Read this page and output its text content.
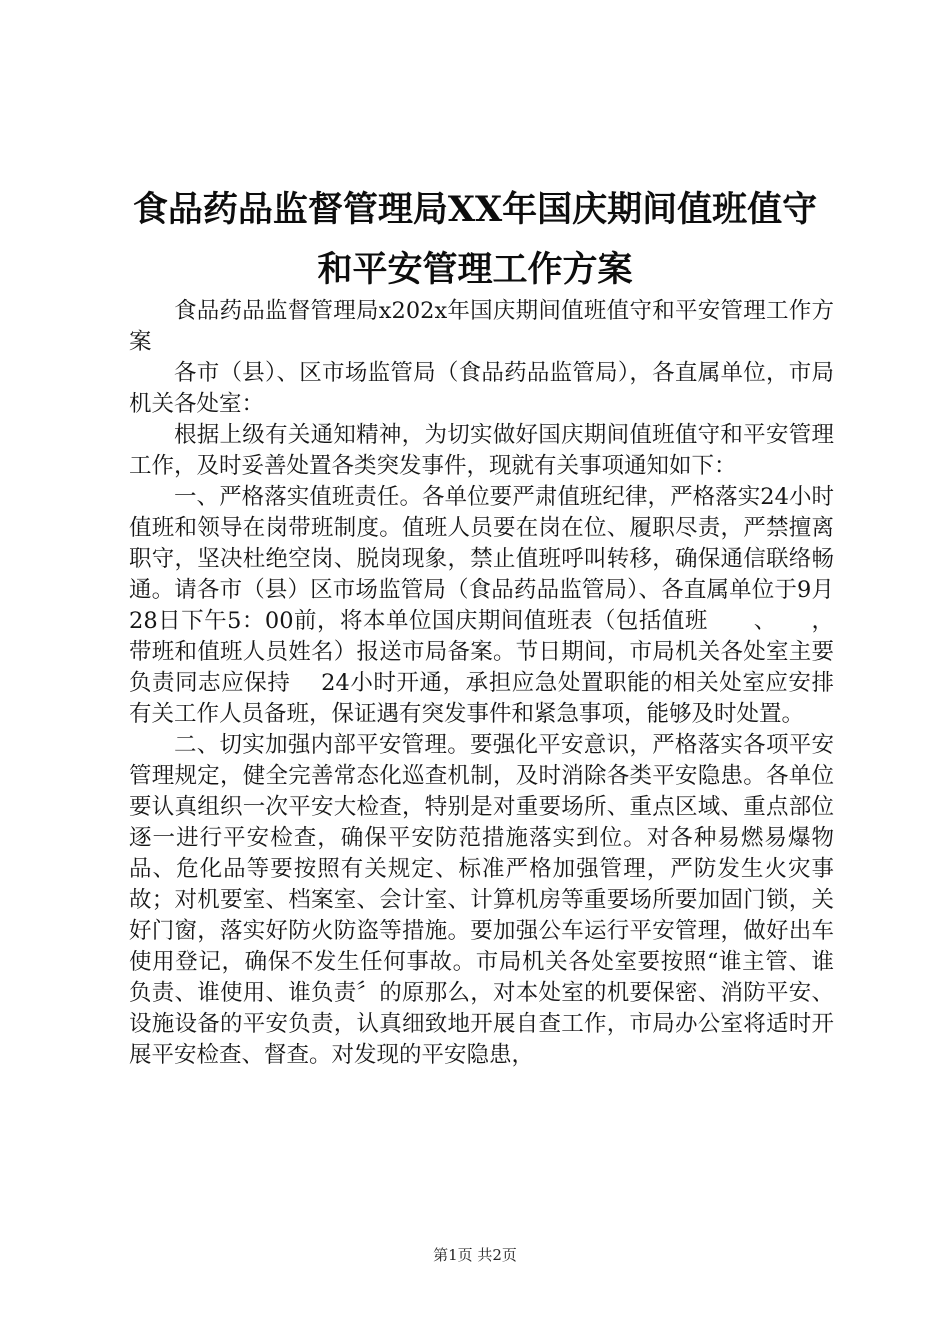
食品药品监督管理局XX年国庆期间值班值守
和平安管理工作方案

食品药品监督管理局x202x年国庆期间值班值守和平安管理工作方案

各市（县）、区市场监管局（食品药品监管局），各直属单位，市局机关各处室：

根据上级有关通知精神，为切实做好国庆期间值班值守和平安管理工作，及时妥善处置各类突发事件，现就有关事项通知如下：

一、严格落实值班责任。各单位要严肃值班纪律，严格落实24小时值班和领导在岗带班制度。值班人员要在岗在位、履职尽责，严禁擅离职守，坚决杜绝空岗、脱岗现象，禁止值班呼叫转移，确保通信联络畅通。请各市（县）区市场监管局（食品药品监管局）、各直属单位于9月28日下午5：00前，将本单位国庆期间值班表（包括值班　　、　　，带班和值班人员姓名）报送市局备案。节日期间，市局机关各处室主要负责同志应保持　 24小时开通，承担应急处置职能的相关处室应安排有关工作人员备班，保证遇有突发事件和紧急事项，能够及时处置。

二、切实加强内部平安管理。要强化平安意识，严格落实各项平安管理规定，健全完善常态化巡查机制，及时消除各类平安隐患。各单位要认真组织一次平安大检查，特别是对重要场所、重点区域、重点部位逐一进行平安检查，确保平安防范措施落实到位。对各种易燃易爆物品、危化品等要按照有关规定、标准严格加强管理，严防发生火灾事故；对机要室、档案室、会计室、计算机房等重要场所要加固门锁，关好门窗，落实好防火防盗等措施。要加强公车运行平安管理，做好出车使用登记，确保不发生任何事故。市局机关各处室要按照“谁主管、谁负责、谁使用、谁负责〞的原那么，对本处室的机要保密、消防平安、设施设备的平安负责，认真细致地开展自查工作，市局办公室将适时开展平安检查、督查。对发现的平安隐患，

第1页 共2页
